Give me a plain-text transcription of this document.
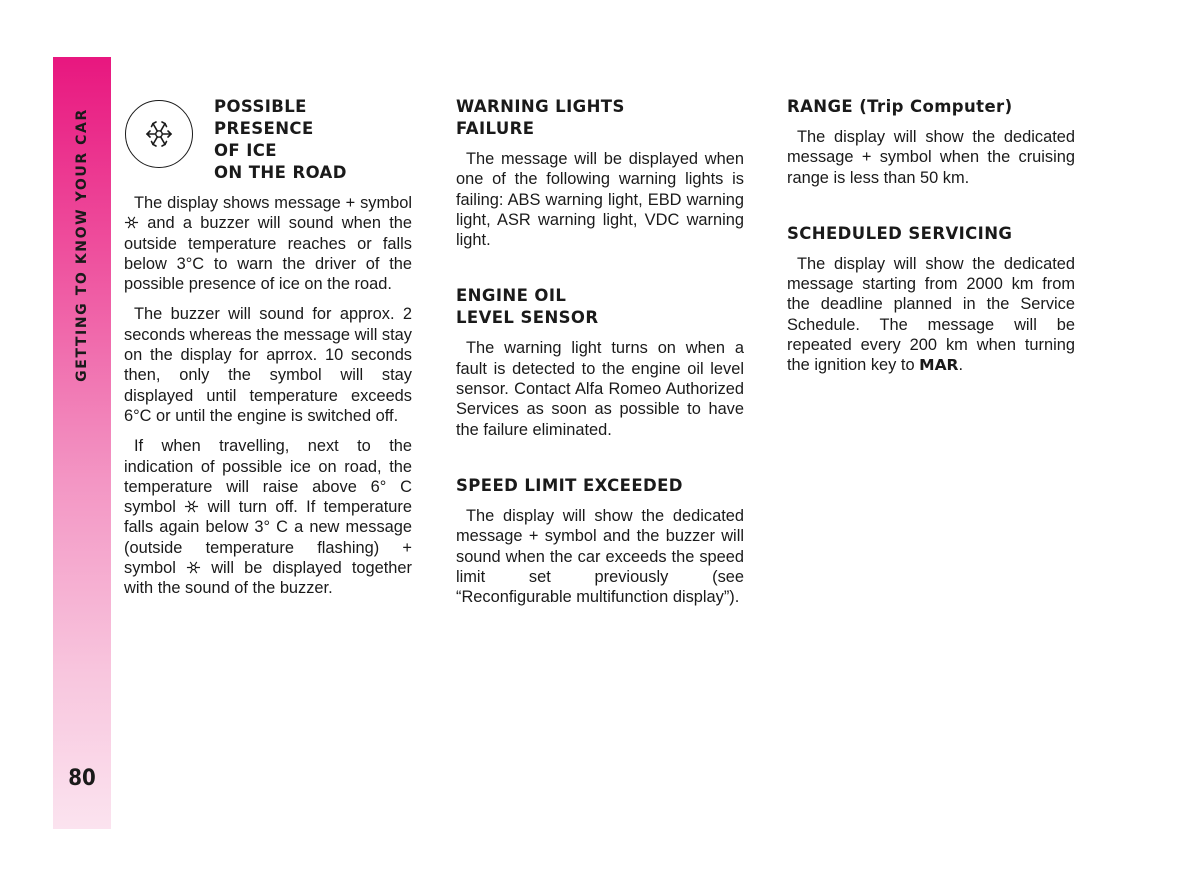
GETTING TO KNOW YOUR CAR
80
POSSIBLE
PRESENCE
OF ICE
ON THE ROAD

The display shows message + symbol  and a buzzer will sound when the outside temperature reaches or falls below 3°C to warn the driver of the possible presence of ice on the road.

The buzzer will sound for approx. 2 seconds whereas the message will stay on the display for aprrox. 10 seconds then, only the symbol will stay displayed until temperature exceeds 6°C or until the engine is switched off.

If when travelling, next to the indication of possible ice on road, the temperature will raise above 6° C symbol will turn off. If temperature falls again below 3° C a new message (outside temperature flashing) + symbol will be displayed together with the sound of the buzzer.

WARNING LIGHTS
FAILURE

The message will be displayed when one of the following warning lights is failing: ABS warning light, EBD warning light, ASR warning light, VDC warning light.

ENGINE OIL
LEVEL SENSOR

The warning light turns on when a fault is detected to the engine oil level sensor. Contact Alfa Romeo Authorized Services as soon as possible to have the failure eliminated.

SPEED LIMIT EXCEEDED

The display will show the dedicated message + symbol and the buzzer will sound when the car exceeds the speed limit set previously (see “Reconfigurable multifunction display”).

RANGE (Trip Computer)

The display will show the dedicated message + symbol when the cruising range is less than 50 km.

SCHEDULED SERVICING

The display will show the dedicated message starting from 2000 km from the deadline planned in the Service Schedule. The message will be repeated every 200 km when turning the ignition key to MAR.
